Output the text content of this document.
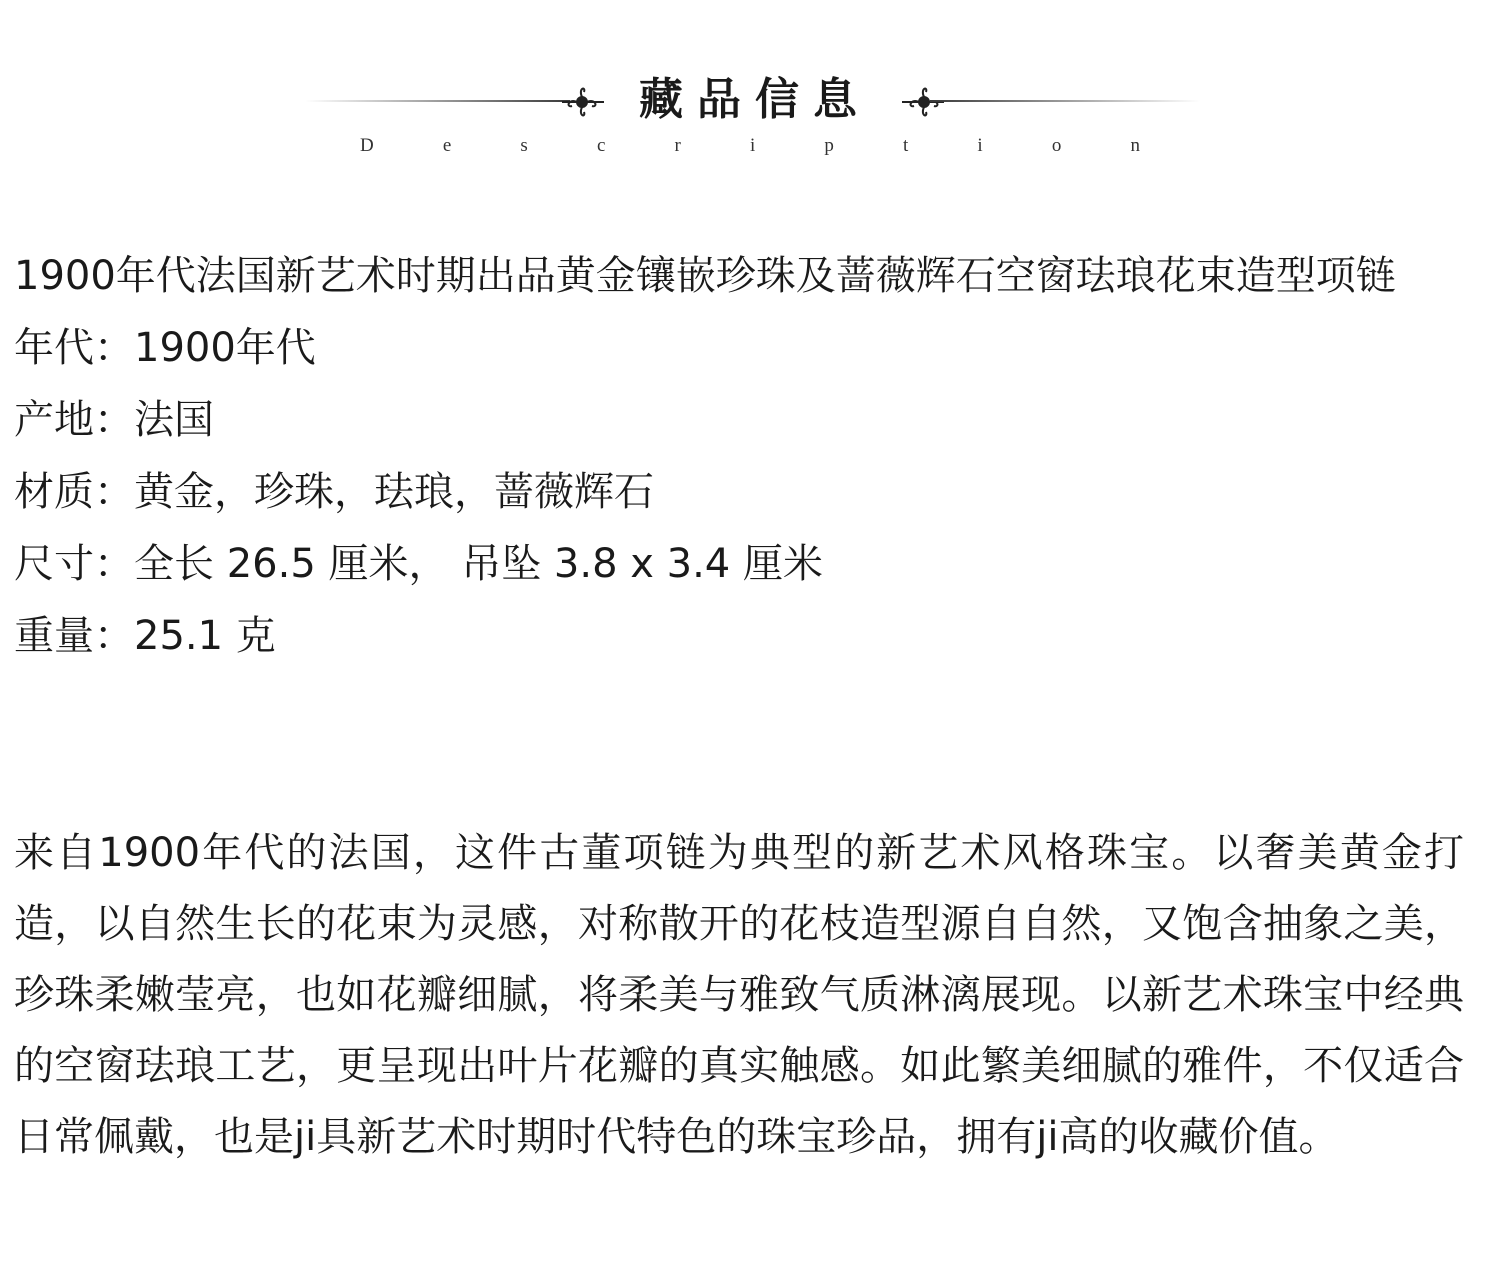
藏品信息
D	e	s	c	r	i	p	t	i	o	n
1900年代法国新艺术时期出品黄金镶嵌珍珠及蔷薇辉石空窗珐琅花束造型项链
年代：1900年代
产地：法国
材质：黄金，珍珠，珐琅，蔷薇辉石
尺寸：全长 26.5 厘米， 吊坠 3.8 x 3.4 厘米
重量：25.1 克
来自1900年代的法国，这件古董项链为典型的新艺术风格珠宝。以奢美黄金打造，以自然生长的花束为灵感，对称散开的花枝造型源自自然，又饱含抽象之美，珍珠柔嫩莹亮，也如花瓣细腻，将柔美与雅致气质淋漓展现。以新艺术珠宝中经典的空窗珐琅工艺，更呈现出叶片花瓣的真实触感。如此繁美细腻的雅件，不仅适合日常佩戴，也是ji具新艺术时期时代特色的珠宝珍品，拥有ji高的收藏价值。
